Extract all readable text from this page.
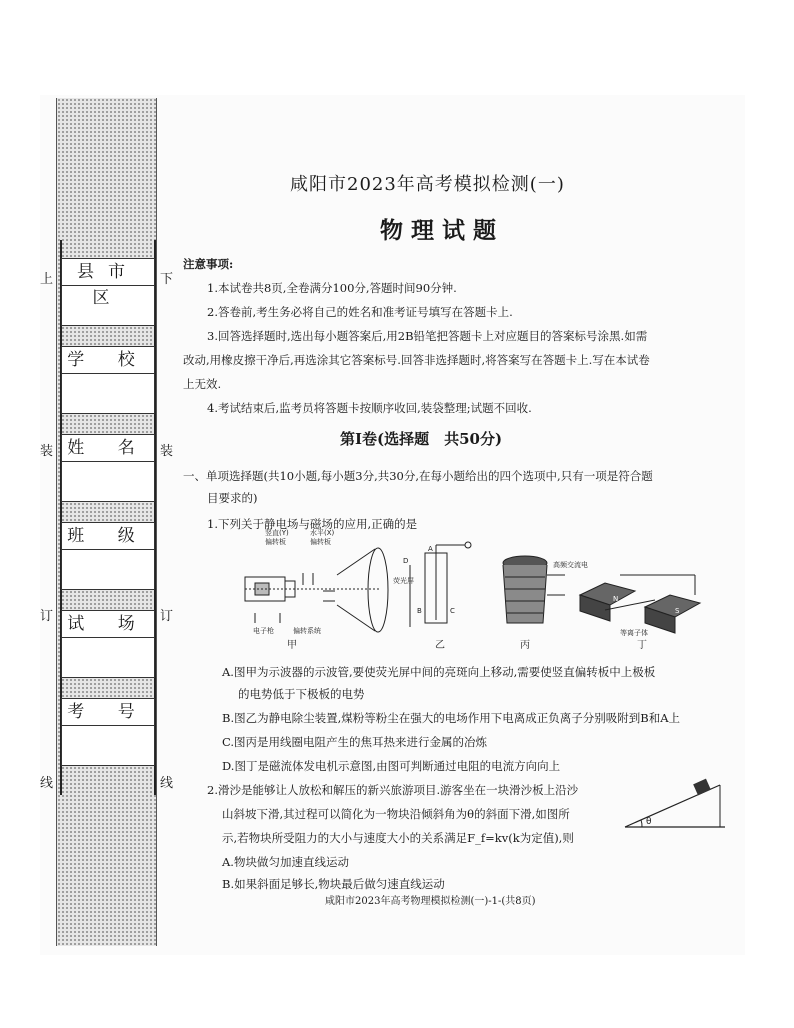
上
装
订
线
下
装
订
线
县市区
学 校
姓 名
班 级
试 场
考 号
咸阳市2023年高考模拟检测(一)
物理试题
注意事项:
1.本试卷共8页,全卷满分100分,答题时间90分钟.
2.答卷前,考生务必将自己的姓名和准考证号填写在答题卡上.
3.回答选择题时,选出每小题答案后,用2B铅笔把答题卡上对应题目的答案标号涂黑.如需
改动,用橡皮擦干净后,再选涂其它答案标号.回答非选择题时,将答案写在答题卡上.写在本试卷
上无效.
4.考试结束后,监考员将答题卡按顺序收回,装袋整理;试题不回收.
第Ⅰ卷(选择题　共50分)
一、单项选择题(共10小题,每小题3分,共30分,在每小题给出的四个选项中,只有一项是符合题
目要求的)
1.下列关于静电场与磁场的应用,正确的是
竖直(Y)
偏转板
水平(X)
偏转板
荧光屏
电子枪	偏转系统
甲
D
A
B	C
乙
高频交流电
丙
N
S
等离子体
丁
A.图甲为示波器的示波管,要使荧光屏中间的亮斑向上移动,需要使竖直偏转板中上极板
的电势低于下极板的电势
B.图乙为静电除尘装置,煤粉等粉尘在强大的电场作用下电离成正负离子分别吸附到B和A上
C.图丙是用线圈电阻产生的焦耳热来进行金属的冶炼
D.图丁是磁流体发电机示意图,由图可判断通过电阻的电流方向向上
2.滑沙是能够让人放松和解压的新兴旅游项目.游客坐在一块滑沙板上沿沙
山斜坡下滑,其过程可以简化为一物块沿倾斜角为θ的斜面下滑,如图所
示,若物块所受阻力的大小与速度大小的关系满足F_f=kv(k为定值),则
A.物块做匀加速直线运动
B.如果斜面足够长,物块最后做匀速直线运动
θ
咸阳市2023年高考物理模拟检测(一)-1-(共8页)
